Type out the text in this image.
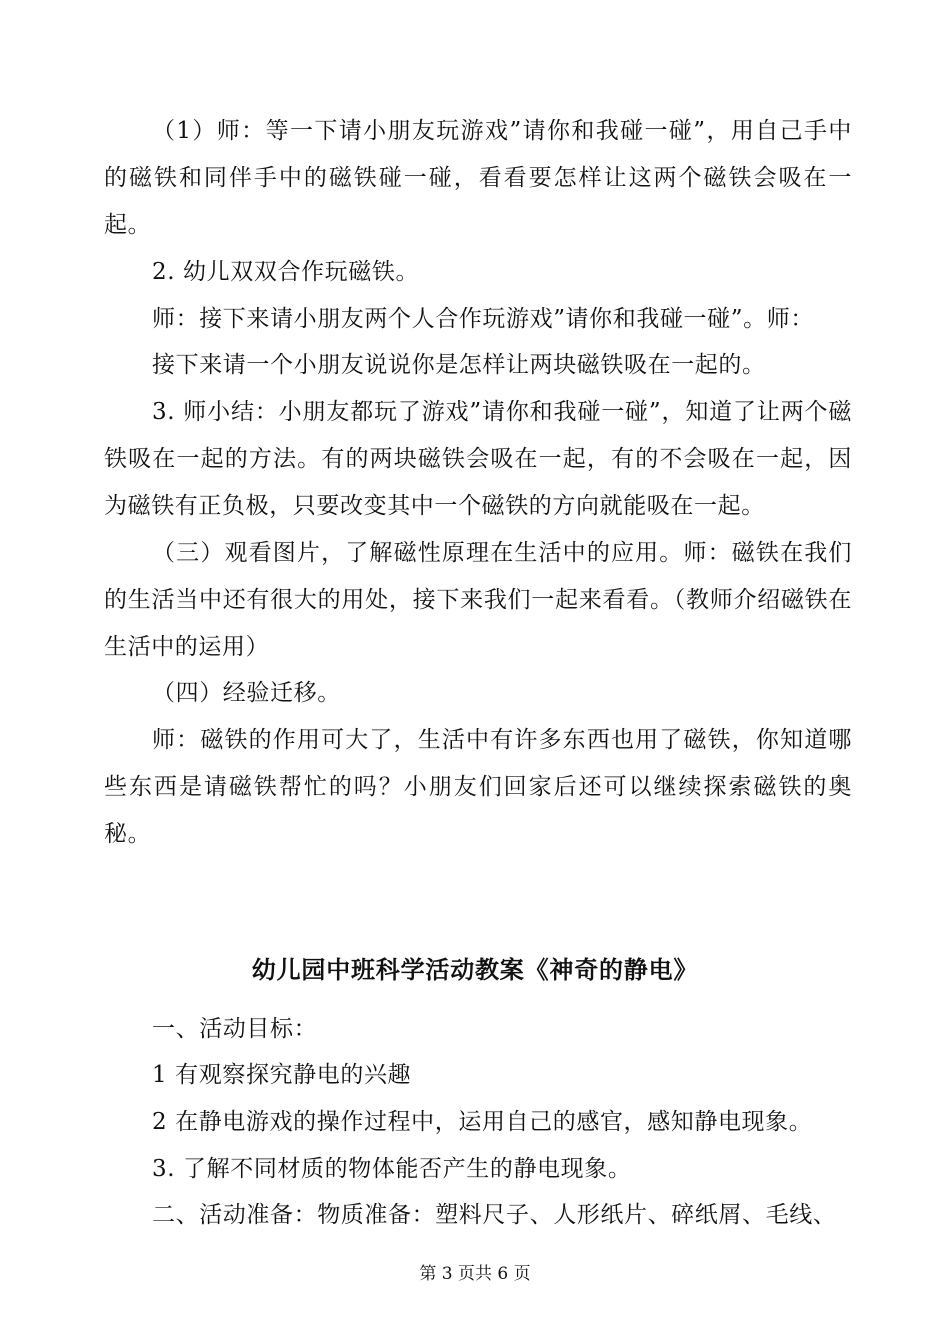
（1）师：等一下请小朋友玩游戏”请你和我碰一碰”，用自己手中的磁铁和同伴手中的磁铁碰一碰，看看要怎样让这两个磁铁会吸在一起。

2. 幼儿双双合作玩磁铁。

师：接下来请小朋友两个人合作玩游戏”请你和我碰一碰”。师：

接下来请一个小朋友说说你是怎样让两块磁铁吸在一起的。

3. 师小结：小朋友都玩了游戏”请你和我碰一碰”，知道了让两个磁铁吸在一起的方法。有的两块磁铁会吸在一起，有的不会吸在一起，因为磁铁有正负极，只要改变其中一个磁铁的方向就能吸在一起。

（三）观看图片，了解磁性原理在生活中的应用。师：磁铁在我们的生活当中还有很大的用处，接下来我们一起来看看。（教师介绍磁铁在生活中的运用）

（四）经验迁移。

师：磁铁的作用可大了，生活中有许多东西也用了磁铁，你知道哪些东西是请磁铁帮忙的吗？小朋友们回家后还可以继续探索磁铁的奥秘。

幼儿园中班科学活动教案《神奇的静电》

一、活动目标：

1 有观察探究静电的兴趣

2 在静电游戏的操作过程中，运用自己的感官，感知静电现象。

3. 了解不同材质的物体能否产生的静电现象。

二、活动准备：物质准备：塑料尺子、人形纸片、碎纸屑、毛线、

第 3 页共 6 页
